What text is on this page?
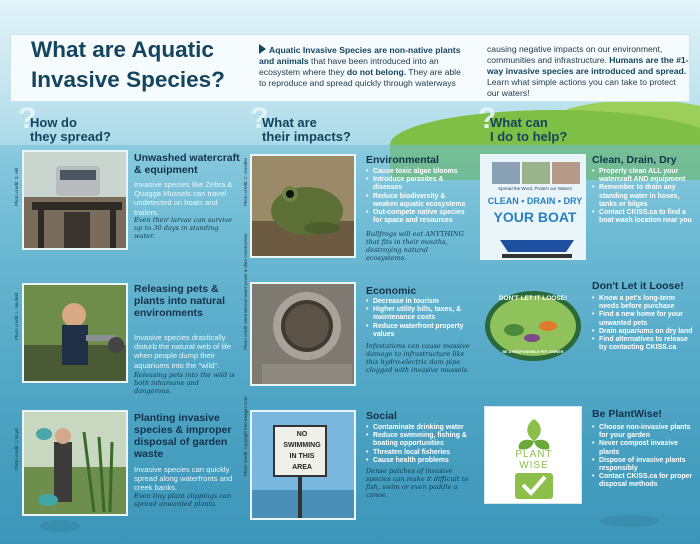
What are Aquatic
Invasive Species?
Aquatic Invasive Species are non-native plants and animals that have been introduced into an ecosystem where they do not belong. They are able to reproduce and spread quickly through waterways causing negative impacts on our environment, communities and infrastructure. Humans are the #1-way invasive species are introduced and spread. Learn what simple actions you can take to protect our waters!
?
How do
they spread?
?
What are
their impacts?
?
What can
I do to help?
Photo credit: S. Hill
Unwashed watercraft & equipment
Invasive species like Zebra & Quagga Mussels can travel undetected on boats and trailers.
Even their larvae can survive up to 30 days in standing water.
Photo credit: L. Neufeld
Releasing pets & plants into natural environments
Invasive species drastically disturb the natural web of life when people dump their aquariums into the "wild".
Releasing pets into the wild is both inhumane and dangerous.
Photo credit: J. Boyd
Planting invasive species & improper disposal of garden waste
Invasive species can quickly spread along waterfronts and creek banks.
Even tiny plant clippings can spread unwanted plants.
Photo credit: C. Gosden	Environmental
• Cause toxic algae blooms
• Introduce parasites & diseases
• Reduce biodiversity & weaken aquatic ecosystems
• Out-compete native species for space and resources
Bullfrogs will eat ANYTHING that fits in their mouths, destroying natural ecosystems.
Photo credit: international water power & dam construction	Economic
• Decrease in tourism
• Higher utility bills, taxes, & maintenance costs
• Reduce waterfront property values
Infestations can cause massive damage to infrastructure like this hydro-electric dam pipe clogged with invasive mussels.
Photo credit: copyright free-images.com	NO
SWIMMING
IN THIS
AREA
Social
• Contaminate drinking water
• Reduce swimming, fishing & boating opportunities
• Threaten local fisheries
• Cause health problems
Dense patches of invasive species can make it difficult to fish, swim or even paddle a canoe.
Spread the Word, Protect our Waters
CLEAN • DRAIN • DRY
YOUR BOAT
Clean, Drain, Dry
• Properly clean ALL your watercraft AND equipment
• Remember to drain any standing water in hoses, tanks or bilges
• Contact CKISS.ca to find a boat wash location near you
DON'T LET IT LOOSE!
BE A RESPONSIBLE PET OWNER
Don't Let it Loose!
• Know a pet's long-term needs before purchase
• Find a new home for your unwanted pets
• Drain aquariums on dry land
• Find alternatives to release by contacting CKISS.ca
PLANT
WISE
Be PlantWise!
• Choose non-invasive plants for your garden
• Never compost invasive plants
• Dispose of invasive plants responsibly
• Contact CKISS.ca for proper disposal methods
